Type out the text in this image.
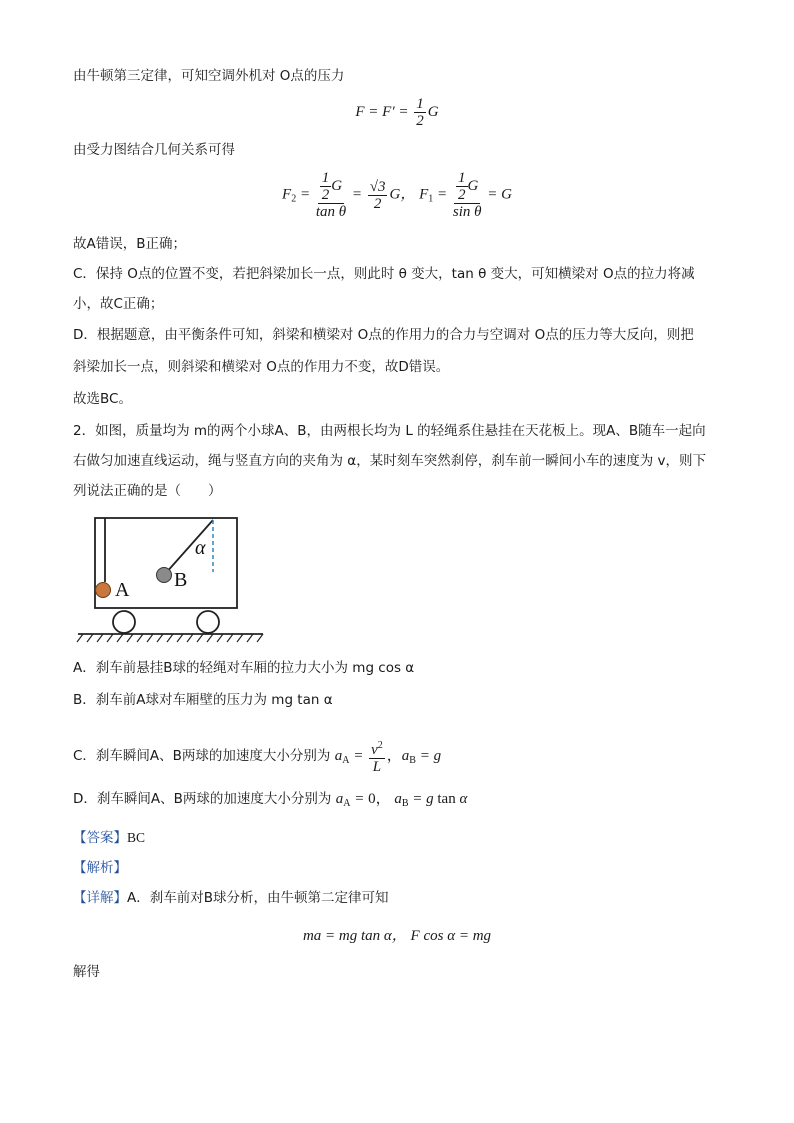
由牛顿第三定律，可知空调外机对 O点的压力
$F = F' = \frac{1}{2}$ G
由受力图结合几何关系可得
$F_2 = \frac{\frac{1}{2} G}{\text{tan θ}} = \frac{√3}{2}$ G， $F_1 = \frac{\frac{1}{2} G}{\text{sin θ}} = G$
故A错误，B正确；
C．保持 O点的位置不变，若把斜梁加长一点，则此时 θ 变大，tan θ 变大，可知横梁对 O点的拉力将减
小，故C正确；
D．根据题意，由平衡条件可知，斜梁和横梁对 O点的作用力的合力与空调对 O点的压力等大反向，则把
斜梁加长一点，则斜梁和横梁对 O点的作用力不变，故D错误。
故选BC。
2．如图，质量均为 m的两个小球A、B，由两根长均为 L 的轻绳系住悬挂在天花板上。现A、B随车一起向
右做匀加速直线运动，绳与竖直方向的夹角为 α，某时刻车突然刹停，刹车前一瞬间小车的速度为 v，则下
列说法正确的是（　　）
A B
α
A．刹车前悬挂B球的轻绳对车厢的拉力大小为 mg cos α
B．刹车前A球对车厢壁的压力为 mg tan α
C．刹车瞬间A、B两球的加速度大小分别为 $a_A = \frac{v^2}{L}$ ，$a_B = g$
D．刹车瞬间A、B两球的加速度大小分别为 $a_A = 0$， $a_B = g$ tan α
【答案】BC
【解析】
【详解】A．刹车前对B球分析，由牛顿第二定律可知
ma = mg tan α， F cos α = mg
解得
